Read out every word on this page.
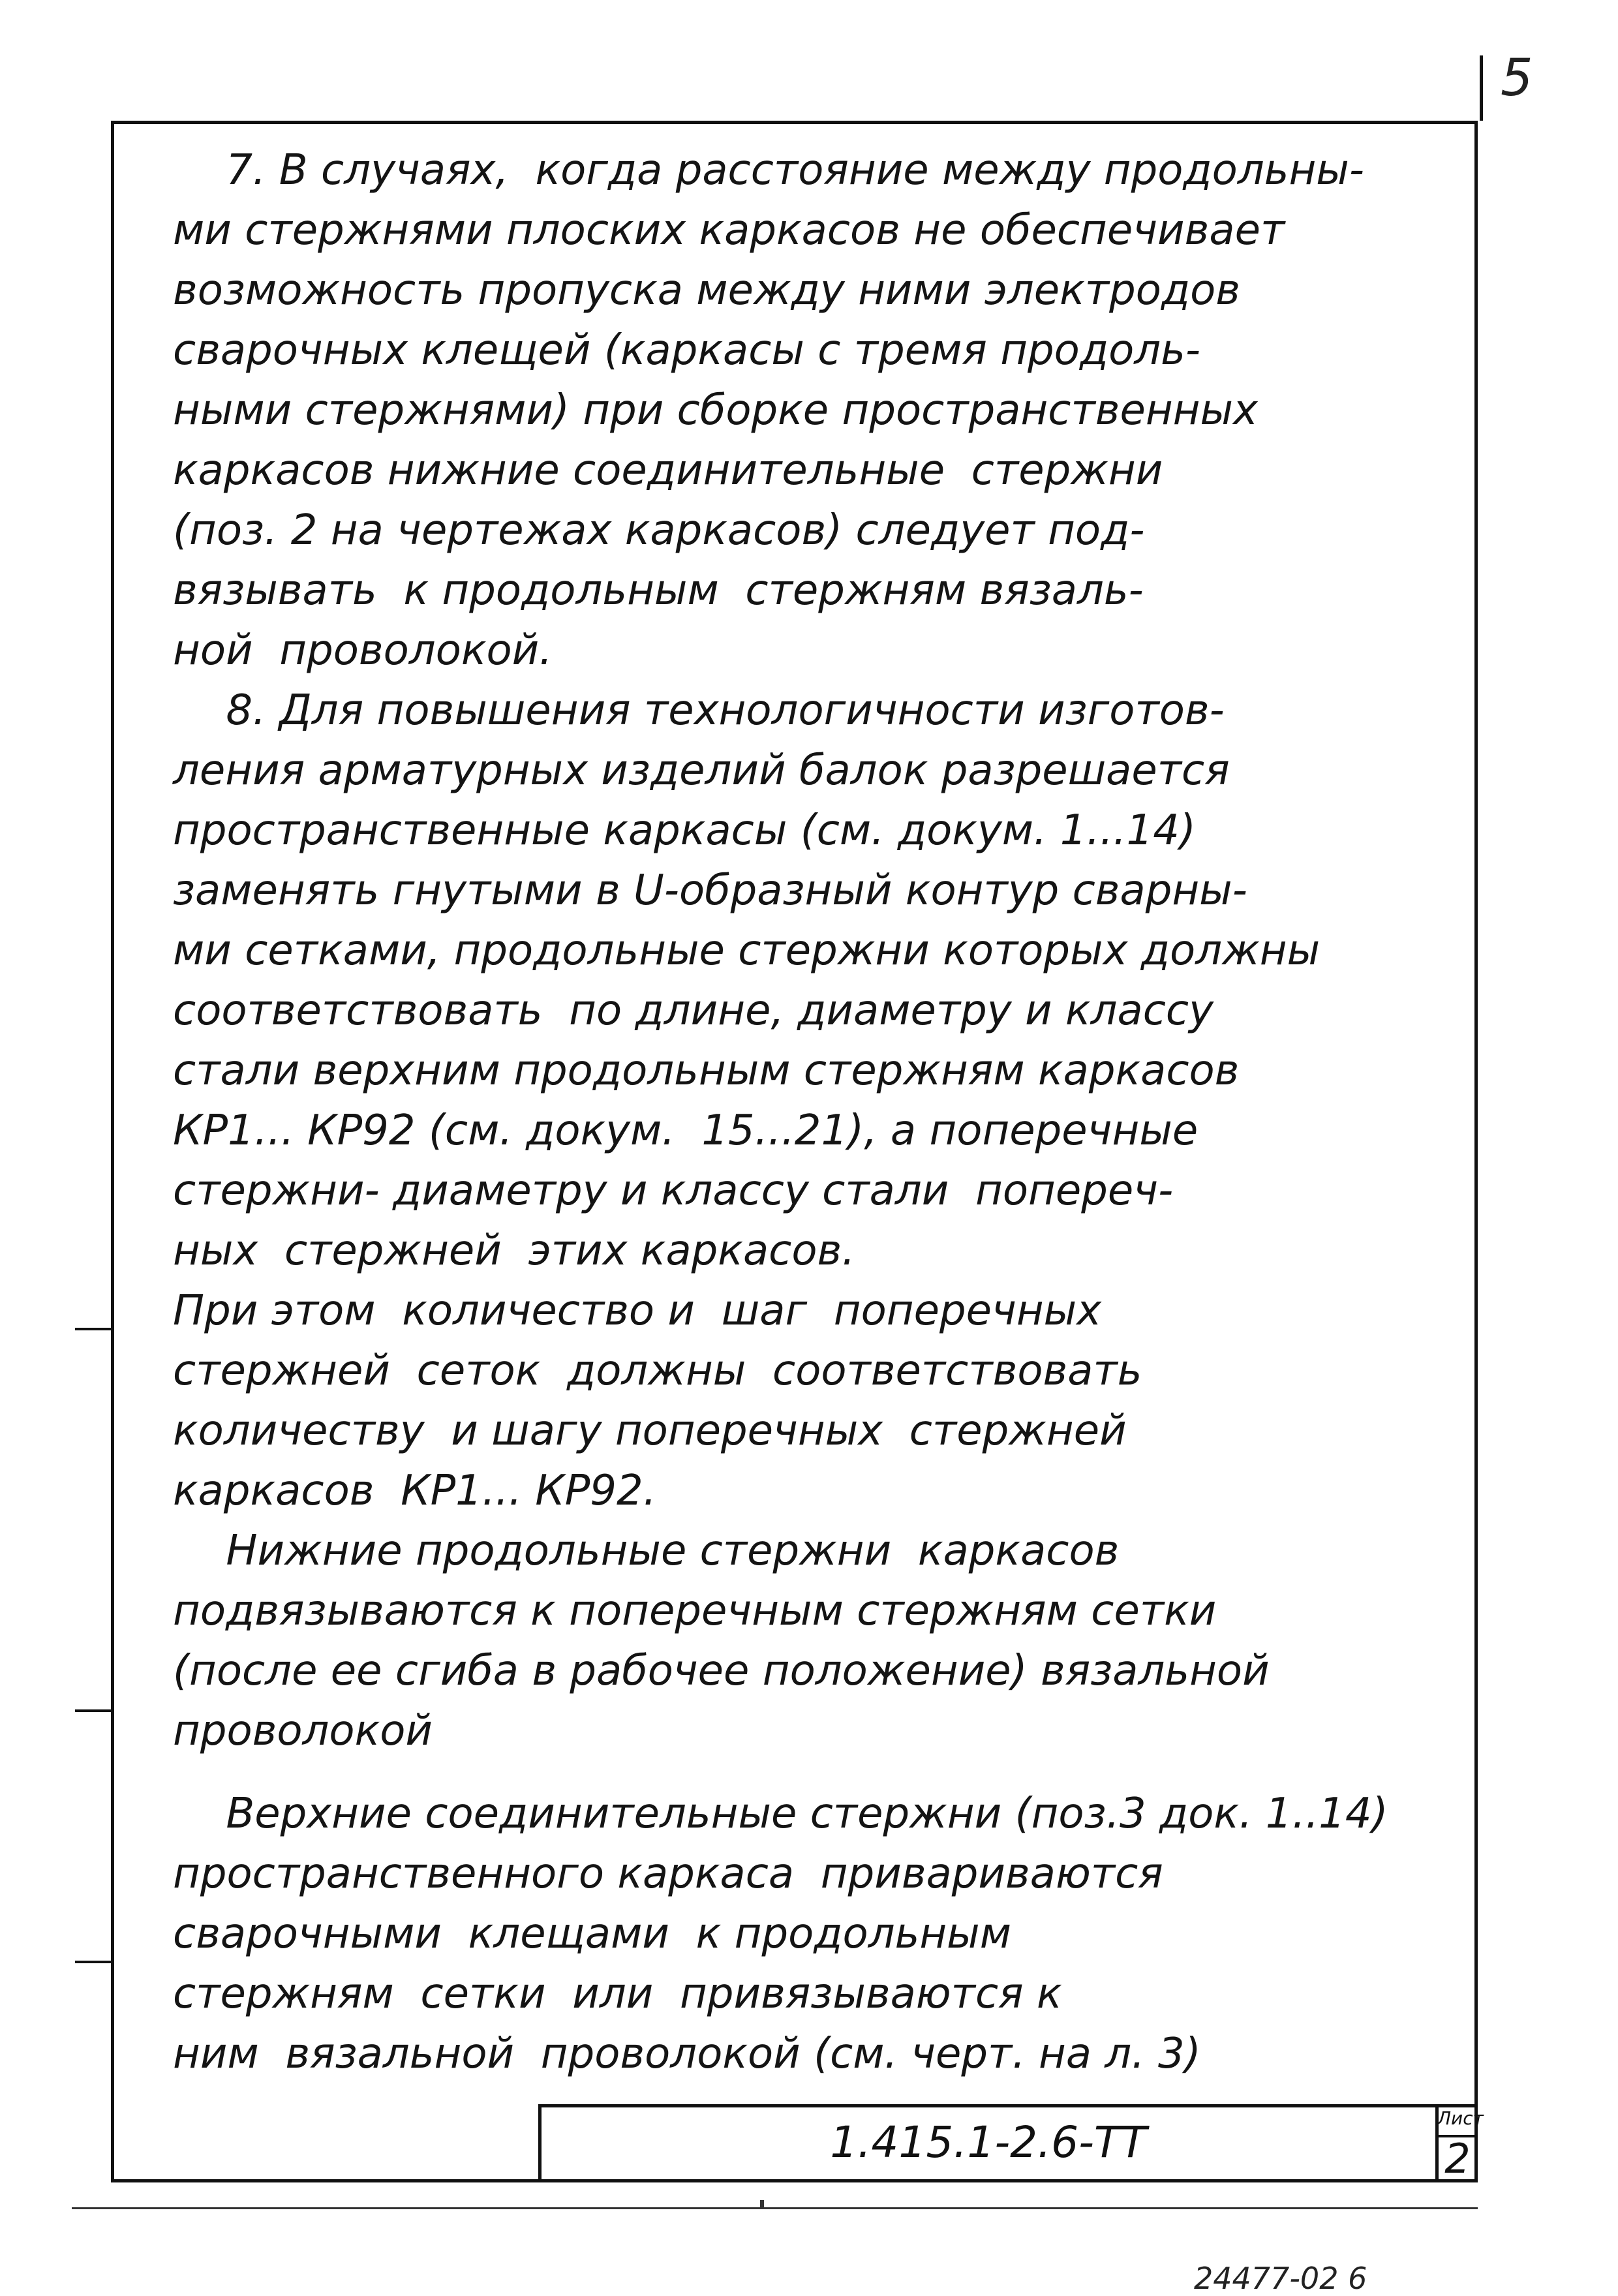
5
7. В случаях,  когда расстояние между продольны-
ми стержнями плоских каркасов не обеспечивает
возможность пропуска между ними электродов
сварочных клещей (каркасы с тремя продоль-
ными стержнями) при сборке пространственных
каркасов нижние соединительные  стержни
(поз. 2 на чертежах каркасов) следует под-
вязывать  к продольным  стержням вязаль-
ной  проволокой.
8. Для повышения технологичности изготов-
ления арматурных изделий балок разрешается
пространственные каркасы (см. докум. 1...14)
заменять гнутыми в U-образный контур сварны-
ми сетками, продольные стержни которых должны
соответствовать  по длине, диаметру и классу
стали верхним продольным стержням каркасов
КР1... КР92 (см. докум.  15...21), а поперечные
стержни- диаметру и классу стали  попереч-
ных  стержней  этих каркасов.
При этом  количество и  шаг  поперечных
стержней  сеток  должны  соответствовать
количеству  и шагу поперечных  стержней
каркасов  КР1... КР92.
Нижние продольные стержни  каркасов
подвязываются к поперечным стержням сетки
(после ее сгиба в рабочее положение) вязальной
проволокой
Верхние соединительные стержни (поз.3 док. 1..14)
пространственного каркаса  привариваются
сварочными  клещами  к продольным
стержням  сетки  или  привязываются к
ним  вязальной  проволокой (см. черт. на л. 3)
1.415.1-2.6-ТТ	Лист
2
24477-02 6
